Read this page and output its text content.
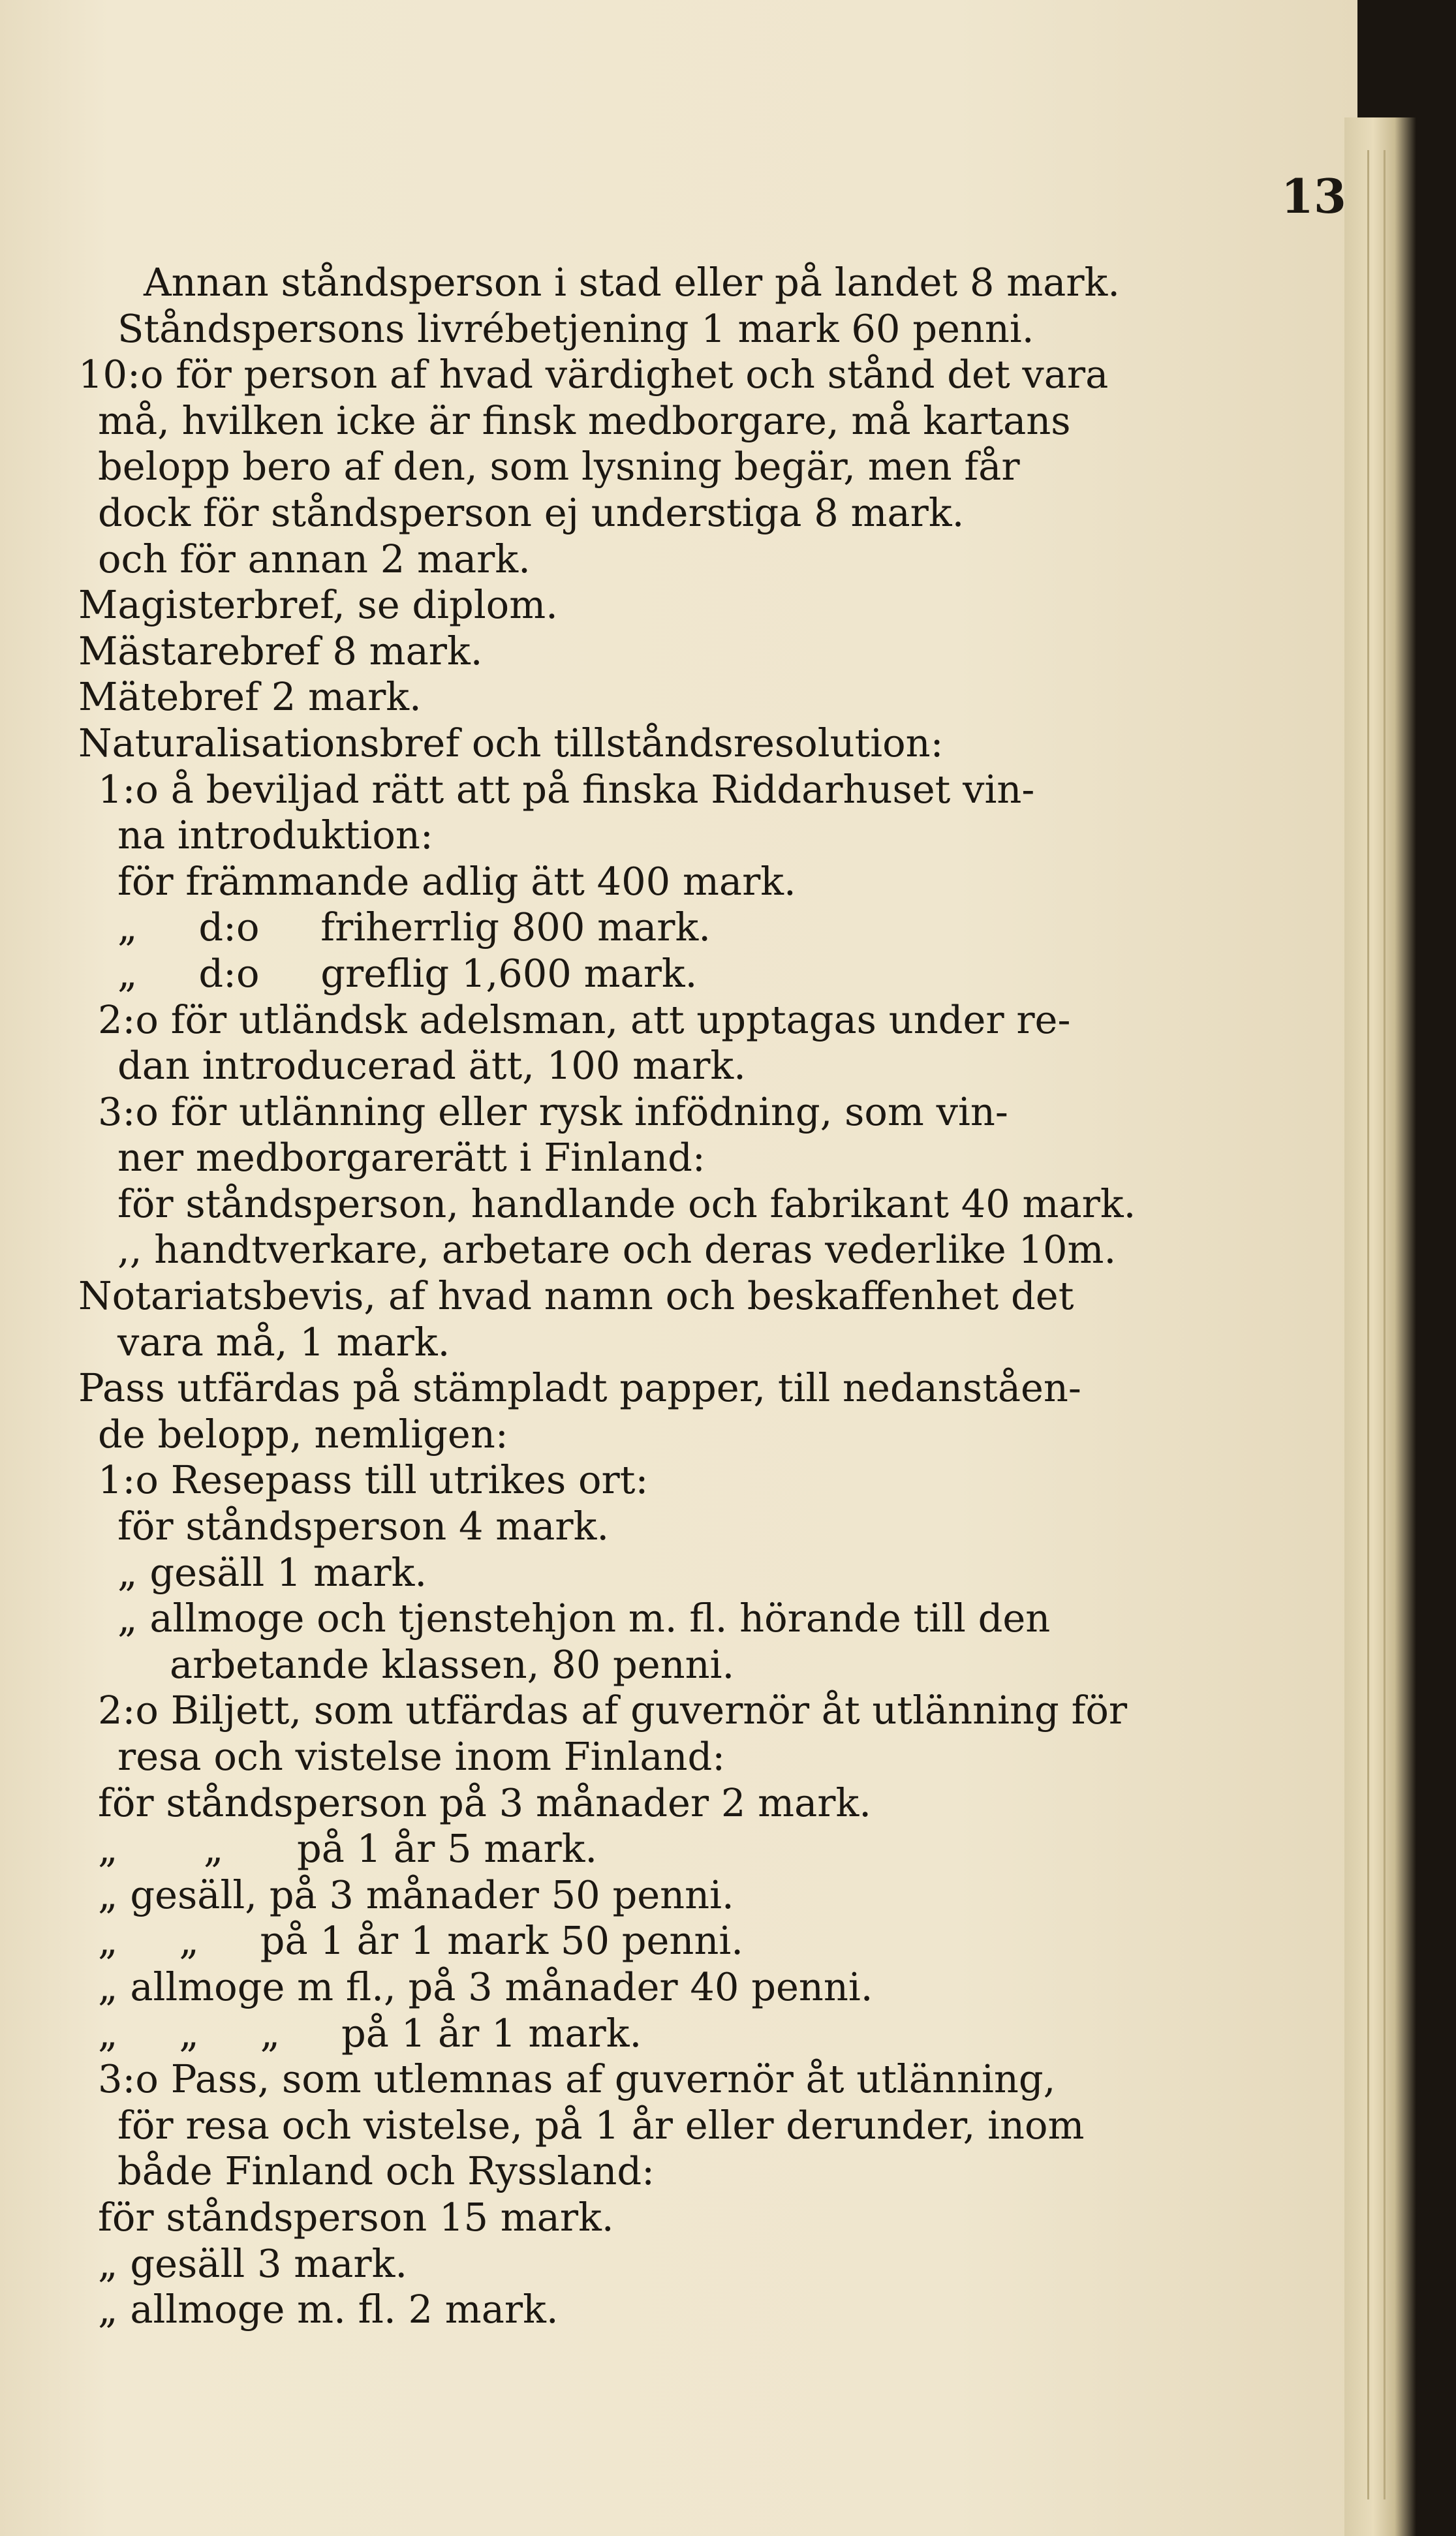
13
Annan ståndsperson i stad eller på landet 8 mark.
Ståndspersons livrébetjening 1 mark 60 penni.
10:o för person af hvad värdighet och stånd det vara
må, hvilken icke är finsk medborgare, må kartans
belopp bero af den, som lysning begär, men får
dock för ståndsperson ej understiga 8 mark.
och för annan 2 mark.
Magisterbref, se diplom.
Mästarebref 8 mark.
Mätebref 2 mark.
Naturalisationsbref och tillståndsresolution:
1:o å beviljad rätt att på finska Riddarhuset vin-
na introduktion:
för främmande adlig ätt 400 mark.
„     d:o     friherrlig 800 mark.
„     d:o     greflig 1,600 mark.
2:o för utländsk adelsman, att upptagas under re-
dan introducerad ätt, 100 mark.
3:o för utlänning eller rysk infödning, som vin-
ner medborgarerätt i Finland:
för ståndsperson, handlande och fabrikant 40 mark.
,, handtverkare, arbetare och deras vederlike 10m.
Notariatsbevis, af hvad namn och beskaffenhet det
vara må, 1 mark.
Pass utfärdas på stämpladt papper, till nedanståen-
de belopp, nemligen:
1:o Resepass till utrikes ort:
för ståndsperson 4 mark.
„ gesäll 1 mark.
„ allmoge och tjenstehjon m. fl. hörande till den
arbetande klassen, 80 penni.
2:o Biljett, som utfärdas af guvernör åt utlänning för
resa och vistelse inom Finland:
för ståndsperson på 3 månader 2 mark.
„       „      på 1 år 5 mark.
„ gesäll, på 3 månader 50 penni.
„     „     på 1 år 1 mark 50 penni.
„ allmoge m fl., på 3 månader 40 penni.
„     „     „     på 1 år 1 mark.
3:o Pass, som utlemnas af guvernör åt utlänning,
för resa och vistelse, på 1 år eller derunder, inom
både Finland och Ryssland:
för ståndsperson 15 mark.
„ gesäll 3 mark.
„ allmoge m. fl. 2 mark.
